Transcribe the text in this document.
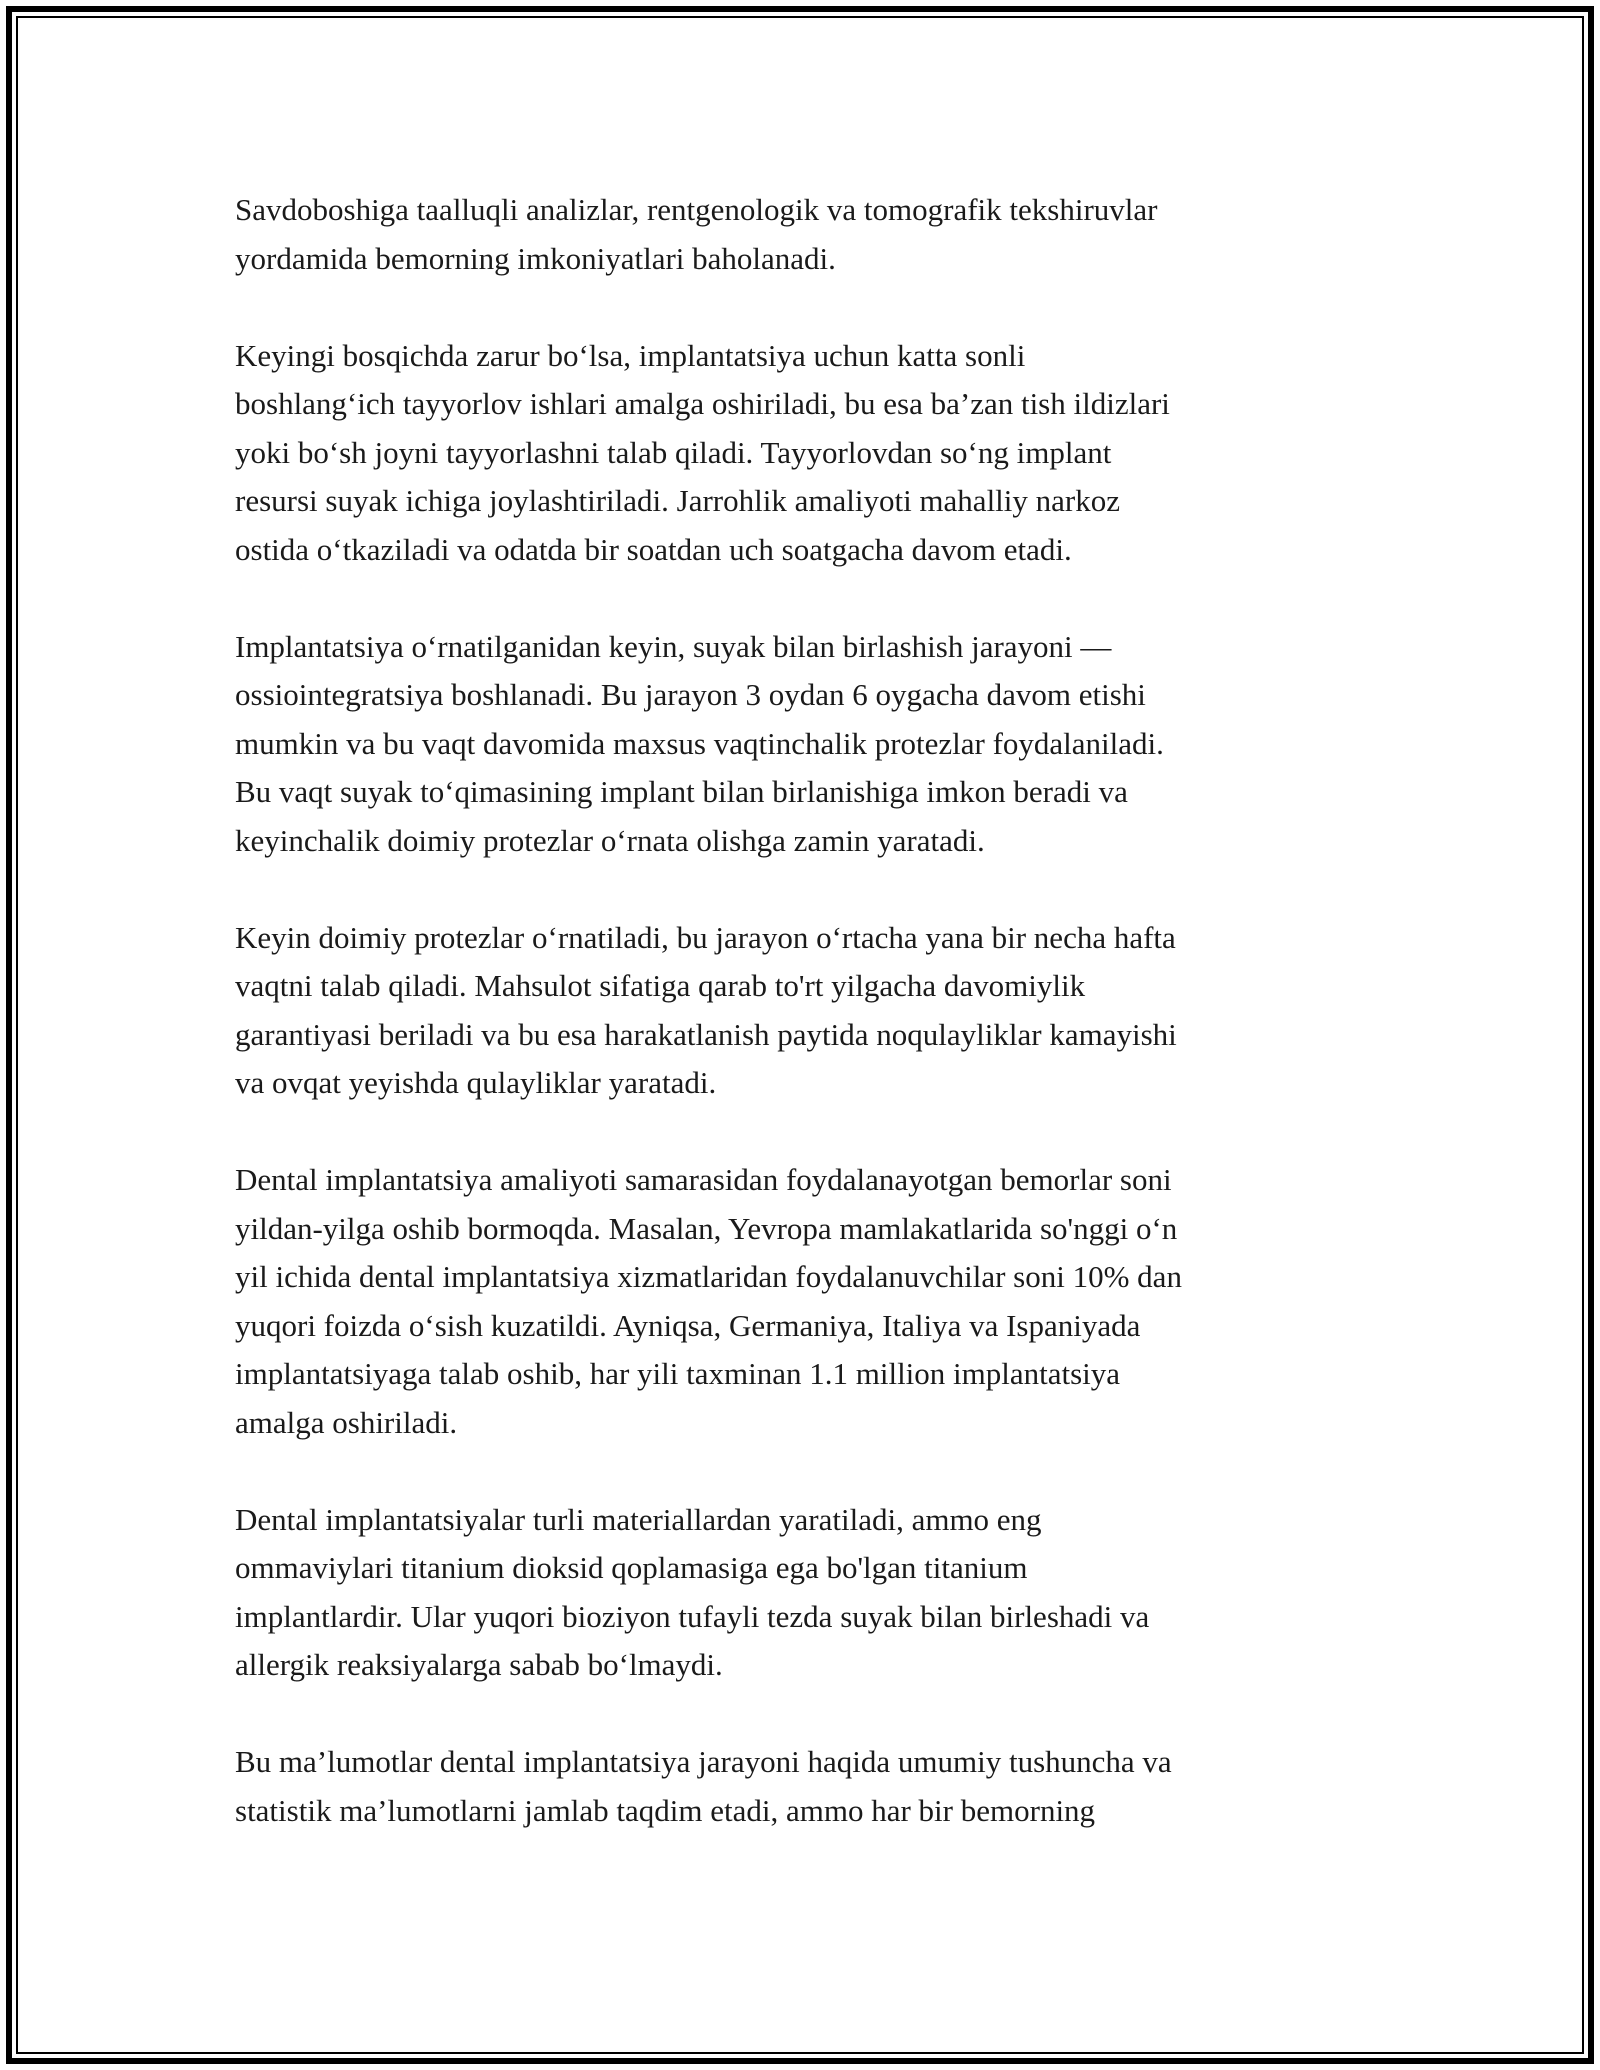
Savdoboshiga taalluqli analizlar, rentgenologik va tomografik tekshiruvlar
yordamida bemorning imkoniyatlari baholanadi.

Keyingi bosqichda zarur bo‘lsa, implantatsiya uchun katta sonli
boshlang‘ich tayyorlov ishlari amalga oshiriladi, bu esa ba’zan tish ildizlari
yoki bo‘sh joyni tayyorlashni talab qiladi. Tayyorlovdan so‘ng implant
resursi suyak ichiga joylashtiriladi. Jarrohlik amaliyoti mahalliy narkoz
ostida o‘tkaziladi va odatda bir soatdan uch soatgacha davom etadi.

Implantatsiya o‘rnatilganidan keyin, suyak bilan birlashish jarayoni —
ossiointegratsiya boshlanadi. Bu jarayon 3 oydan 6 oygacha davom etishi
mumkin va bu vaqt davomida maxsus vaqtinchalik protezlar foydalaniladi.
Bu vaqt suyak to‘qimasining implant bilan birlanishiga imkon beradi va
keyinchalik doimiy protezlar o‘rnata olishga zamin yaratadi.

Keyin doimiy protezlar o‘rnatiladi, bu jarayon o‘rtacha yana bir necha hafta
vaqtni talab qiladi. Mahsulot sifatiga qarab to'rt yilgacha davomiylik
garantiyasi beriladi va bu esa harakatlanish paytida noqulayliklar kamayishi
va ovqat yeyishda qulayliklar yaratadi.

Dental implantatsiya amaliyoti samarasidan foydalanayotgan bemorlar soni
yildan-yilga oshib bormoqda. Masalan, Yevropa mamlakatlarida so'nggi o‘n
yil ichida dental implantatsiya xizmatlaridan foydalanuvchilar soni 10% dan
yuqori foizda o‘sish kuzatildi. Ayniqsa, Germaniya, Italiya va Ispaniyada
implantatsiyaga talab oshib, har yili taxminan 1.1 million implantatsiya
amalga oshiriladi.

Dental implantatsiyalar turli materiallardan yaratiladi, ammo eng
ommaviylari titanium dioksid qoplamasiga ega bo'lgan titanium
implantlardir. Ular yuqori bioziyon tufayli tezda suyak bilan birleshadi va
allergik reaksiyalarga sabab bo‘lmaydi.

Bu ma’lumotlar dental implantatsiya jarayoni haqida umumiy tushuncha va
statistik ma’lumotlarni jamlab taqdim etadi, ammo har bir bemorning
